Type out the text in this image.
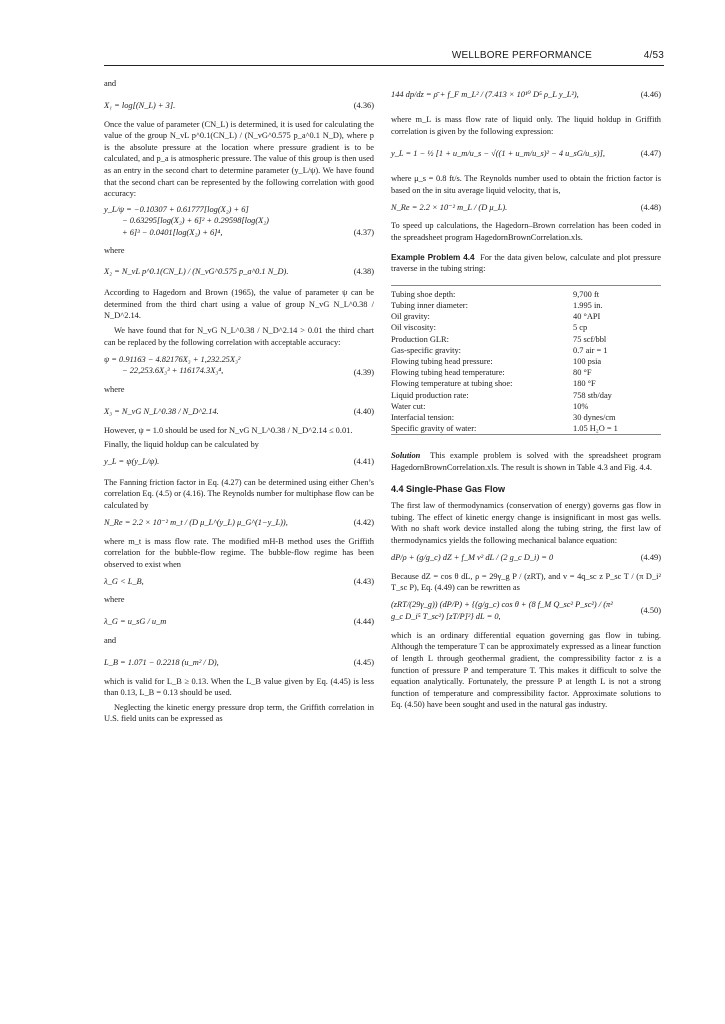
WELLBORE PERFORMANCE	4/53

and

X₁ = log[(N_L) + 3].	(4.36)

Once the value of parameter (CN_L) is determined, it is used for calculating the value of the group N_vL p^0.1(CN_L) / (N_vG^0.575 p_a^0.1 N_D), where p is the absolute pressure at the location where pressure gradient is to be calculated, and p_a is atmospheric pressure. The value of this group is then used as an entry in the second chart to determine parameter (y_L/ψ). We have found that the second chart can be represented by the following correlation with good accuracy:

y_L/ψ = −0.10307 + 0.61777[log(X₂) + 6]
− 0.63295[log(X₂) + 6]² + 0.29598[log(X₂)
+ 6]³ − 0.0401[log(X₂) + 6]⁴,	(4.37)

where

X₂ = N_vL p^0.1(CN_L) / (N_vG^0.575 p_a^0.1 N_D).	(4.38)

According to Hagedorn and Brown (1965), the value of parameter ψ can be determined from the third chart using a value of group N_vG N_L^0.38 / N_D^2.14.

We have found that for N_vG N_L^0.38 / N_D^2.14 > 0.01 the third chart can be replaced by the following correlation with acceptable accuracy:

ψ = 0.91163 − 4.82176X₃ + 1,232.25X₃²
− 22,253.6X₃³ + 116174.3X₃⁴,	(4.39)

where

X₃ = N_vG N_L^0.38 / N_D^2.14.	(4.40)

However, ψ = 1.0 should be used for N_vG N_L^0.38 / N_D^2.14 ≤ 0.01.

Finally, the liquid holdup can be calculated by

y_L = ψ(y_L/ψ).	(4.41)

The Fanning friction factor in Eq. (4.27) can be determined using either Chen’s correlation Eq. (4.5) or (4.16). The Reynolds number for multiphase flow can be calculated by

N_Re = 2.2 × 10⁻² m_t / (D μ_L^(y_L) μ_G^(1−y_L)),	(4.42)

where m_t is mass flow rate. The modified mH-B method uses the Griffith correlation for the bubble-flow regime. The bubble-flow regime has been observed to exist when

λ_G < L_B,	(4.43)

where

λ_G = u_sG / u_m	(4.44)

and

L_B = 1.071 − 0.2218 (u_m² / D),	(4.45)

which is valid for L_B ≥ 0.13. When the L_B value given by Eq. (4.45) is less than 0.13, L_B = 0.13 should be used.

Neglecting the kinetic energy pressure drop term, the Griffith correlation in U.S. field units can be expressed as

144 dp/dz = ρ̄ + f_F m_L² / (7.413 × 10¹⁰ D⁵ ρ_L y_L²),	(4.46)

where m_L is mass flow rate of liquid only. The liquid holdup in Griffith correlation is given by the following expression:

y_L = 1 − ½ [1 + u_m/u_s − √((1 + u_m/u_s)² − 4 u_sG/u_s)],	(4.47)

where μ_s = 0.8 ft/s. The Reynolds number used to obtain the friction factor is based on the in situ average liquid velocity, that is,

N_Re = 2.2 × 10⁻² m_L / (D μ_L).	(4.48)

To speed up calculations, the Hagedorn–Brown correlation has been coded in the spreadsheet program HagedornBrownCorrelation.xls.

Example Problem 4.4 For the data given below, calculate and plot pressure traverse in the tubing string:

Tubing shoe depth:	9,700 ft
Tubing inner diameter:	1.995 in.
Oil gravity:	40 °API
Oil viscosity:	5 cp
Production GLR:	75 scf/bbl
Gas-specific gravity:	0.7 air = 1
Flowing tubing head pressure:	100 psia
Flowing tubing head temperature:	80 °F
Flowing temperature at tubing shoe:	180 °F
Liquid production rate:	758 stb/day
Water cut:	10%
Interfacial tension:	30 dynes/cm
Specific gravity of water:	1.05 H₂O = 1

Solution This example problem is solved with the spreadsheet program HagedornBrownCorrelation.xls. The result is shown in Table 4.3 and Fig. 4.4.

4.4 Single-Phase Gas Flow

The first law of thermodynamics (conservation of energy) governs gas flow in tubing. The effect of kinetic energy change is insignificant in most gas wells. With no shaft work device installed along the tubing string, the first law of thermodynamics yields the following mechanical balance equation:

dP/ρ + (g/g_c) dZ + f_M v² dL / (2 g_c D_i) = 0	(4.49)

Because dZ = cos θ dL, ρ = 29γ_g P / (zRT), and v = 4q_sc z P_sc T / (π D_i² T_sc P), Eq. (4.49) can be rewritten as

(zRT/(29γ_g)) (dP/P) + {(g/g_c) cos θ + (8 f_M Q_sc² P_sc²) / (π² g_c D_i⁵ T_sc²) [zT/P]²} dL = 0,
(4.50)

which is an ordinary differential equation governing gas flow in tubing. Although the temperature T can be approximately expressed as a linear function of length L through geothermal gradient, the compressibility factor z is a function of pressure P and temperature T. This makes it difficult to solve the equation analytically. Fortunately, the pressure P at length L is not a strong function of temperature and compressibility factor. Approximate solutions to Eq. (4.50) have been sought and used in the natural gas industry.
